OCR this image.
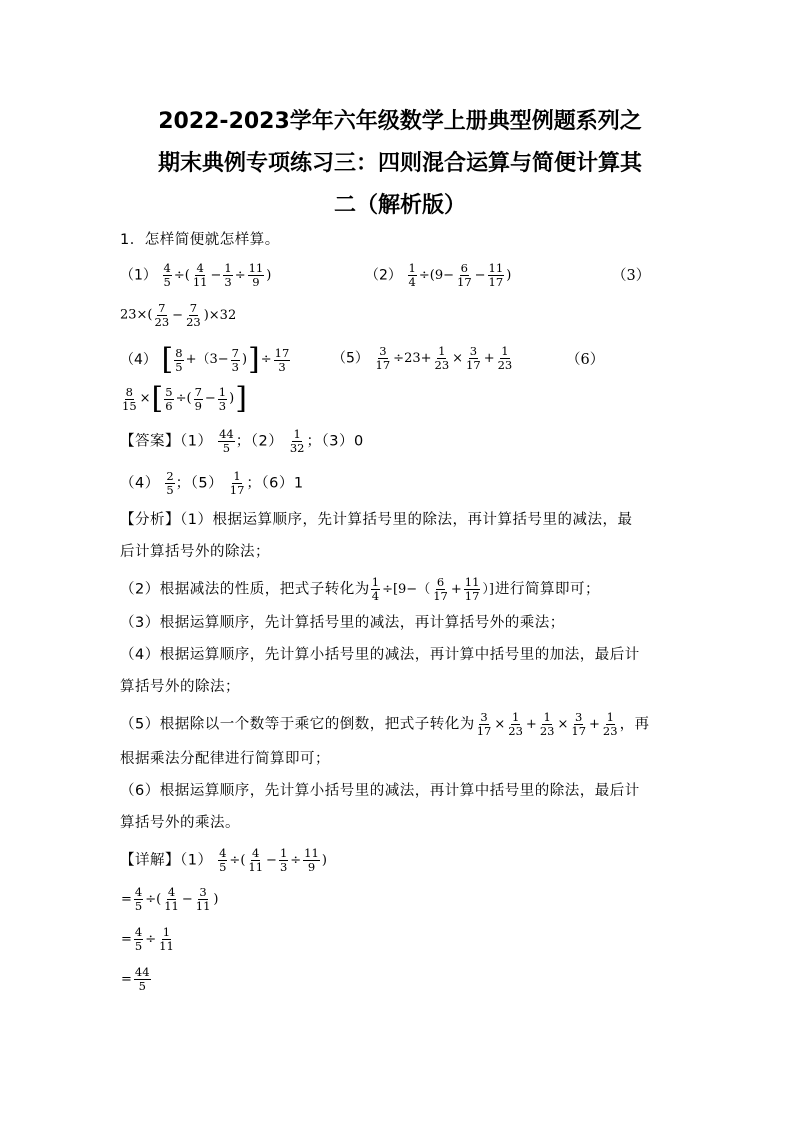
2022-2023学年六年级数学上册典型例题系列之
期末典例专项练习三：四则混合运算与简便计算其
二（解析版）
1．怎样简便就怎样算。
$(1) \frac{4}{5}$ ÷( $\frac{4}{11} - \frac{1}{3} \div \frac{11}{9}$ )	$(2) \frac{1}{4} \div(9- \frac{6}{17} - \frac{11}{17}$ )	（3）
$23\times( \frac{7}{23} - \frac{7}{23} )\times 32$
（4） [ $\frac{8}{5} +(3- \frac{7}{3}$ )]÷ $\frac{17}{3}$	$(5) \frac{3}{17} \div 23+ \frac{1}{23} \times \frac{3}{17} + \frac{1}{23}$	（6）
$\frac{8}{15}$ ×[ $\frac{5}{6}$ ÷( $\frac{7}{9} - \frac{1}{3}$ )]
【答案】$(1) \frac{44}{5}$ ；$(2) \frac{1}{32}$ ；（3）0
$(4) \frac{2}{5}$ ；$(5) \frac{1}{17}$ ；（6）1
【分析】（1）根据运算顺序，先计算括号里的除法，再计算括号里的减法，最
后计算括号外的除法；
（2）根据减法的性质，把式子转化为 $\frac{1}{4} \div[9-( \frac{6}{17} + \frac{11}{17}$ ）]进行简算即可；
（3）根据运算顺序，先计算括号里的减法，再计算括号外的乘法；
（4）根据运算顺序，先计算小括号里的减法，再计算中括号里的加法，最后计
算括号外的除法；
（5）根据除以一个数等于乘它的倒数，把式子转化为 $\frac{3}{17} \times \frac{1}{23} + \frac{1}{23} \times \frac{3}{17} + \frac{1}{23}$ ，再
根据乘法分配律进行简算即可；
（6）根据运算顺序，先计算小括号里的减法，再计算中括号里的除法，最后计
算括号外的乘法。
【详解】$(1) \frac{4}{5}$ ÷( $\frac{4}{11} - \frac{1}{3} \div \frac{11}{9}$ )
= $\frac{4}{5}$ ÷( $\frac{4}{11} - \frac{3}{11}$ )
= $\frac{4}{5} \div \frac{1}{11}$
= $\frac{44}{5}$
